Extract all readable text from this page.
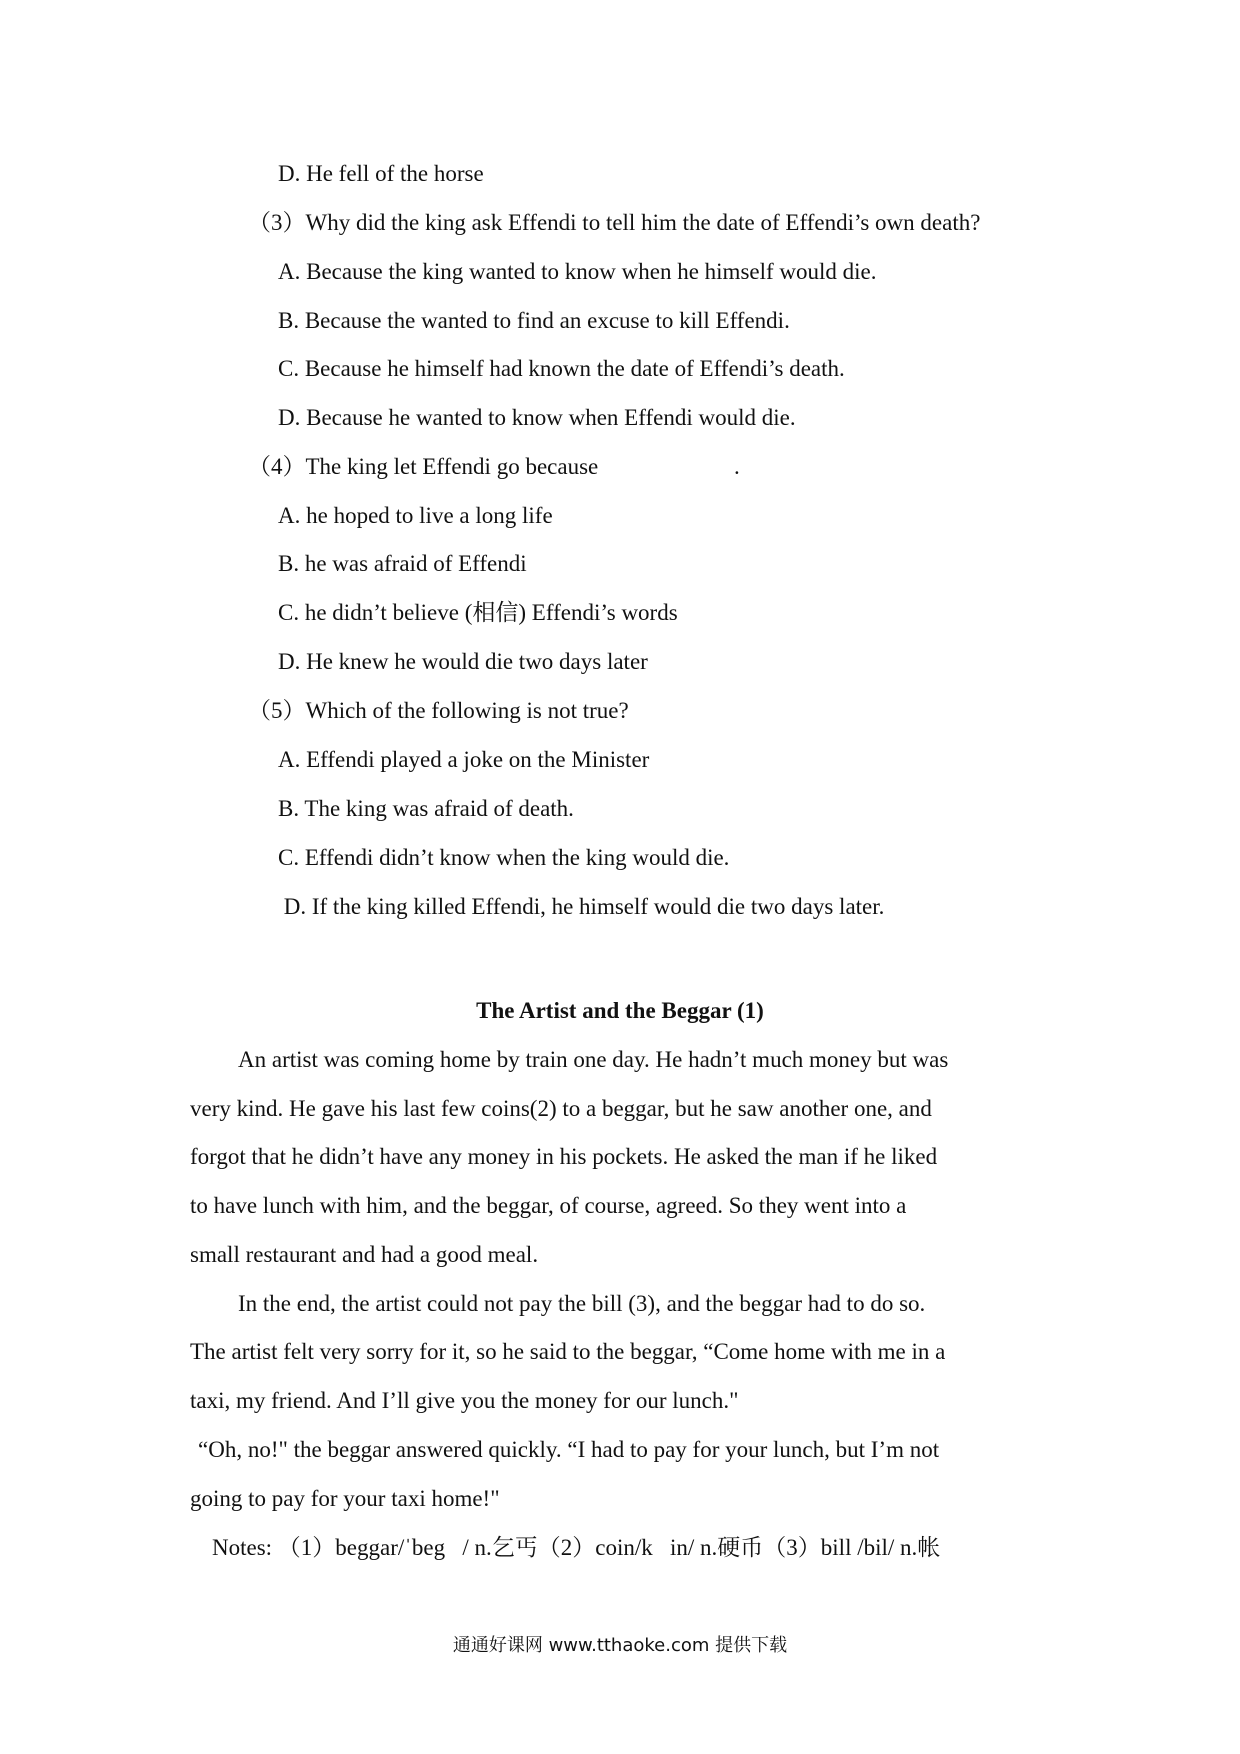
D. He fell of the horse
（3）Why did the king ask Effendi to tell him the date of Effendi’s own death?
A. Because the king wanted to know when he himself would die.
B. Because the wanted to find an excuse to kill Effendi.
C. Because he himself had known the date of Effendi’s death.
D. Because he wanted to know when Effendi would die.
（4）The king let Effendi go because	.
A. he hoped to live a long life
B. he was afraid of Effendi
C. he didn’t believe (相信) Effendi’s words
D. He knew he would die two days later
（5）Which of the following is not true?
A. Effendi played a joke on the Minister
B. The king was afraid of death.
C. Effendi didn’t know when the king would die.
D. If the king killed Effendi, he himself would die two days later.
The Artist and the Beggar (1)
An artist was coming home by train one day. He hadn’t much money but was
very kind. He gave his last few coins(2) to a beggar, but he saw another one, and
forgot that he didn’t have any money in his pockets. He asked the man if he liked
to have lunch with him, and the beggar, of course, agreed. So they went into a
small restaurant and had a good meal.
In the end, the artist could not pay the bill (3), and the beggar had to do so.
The artist felt very sorry for it, so he said to the beggar, “Come home with me in a
taxi, my friend. And I’ll give you the money for our lunch."
“Oh, no!" the beggar answered quickly. “I had to pay for your lunch, but I’m not
going to pay for your taxi home!"
Notes: （1）beggar/ˈbeg   / n.乞丐（2）coin/k   in/ n.硬币（3）bill /bil/ n.帐
通通好课网 www.tthaoke.com 提供下载
